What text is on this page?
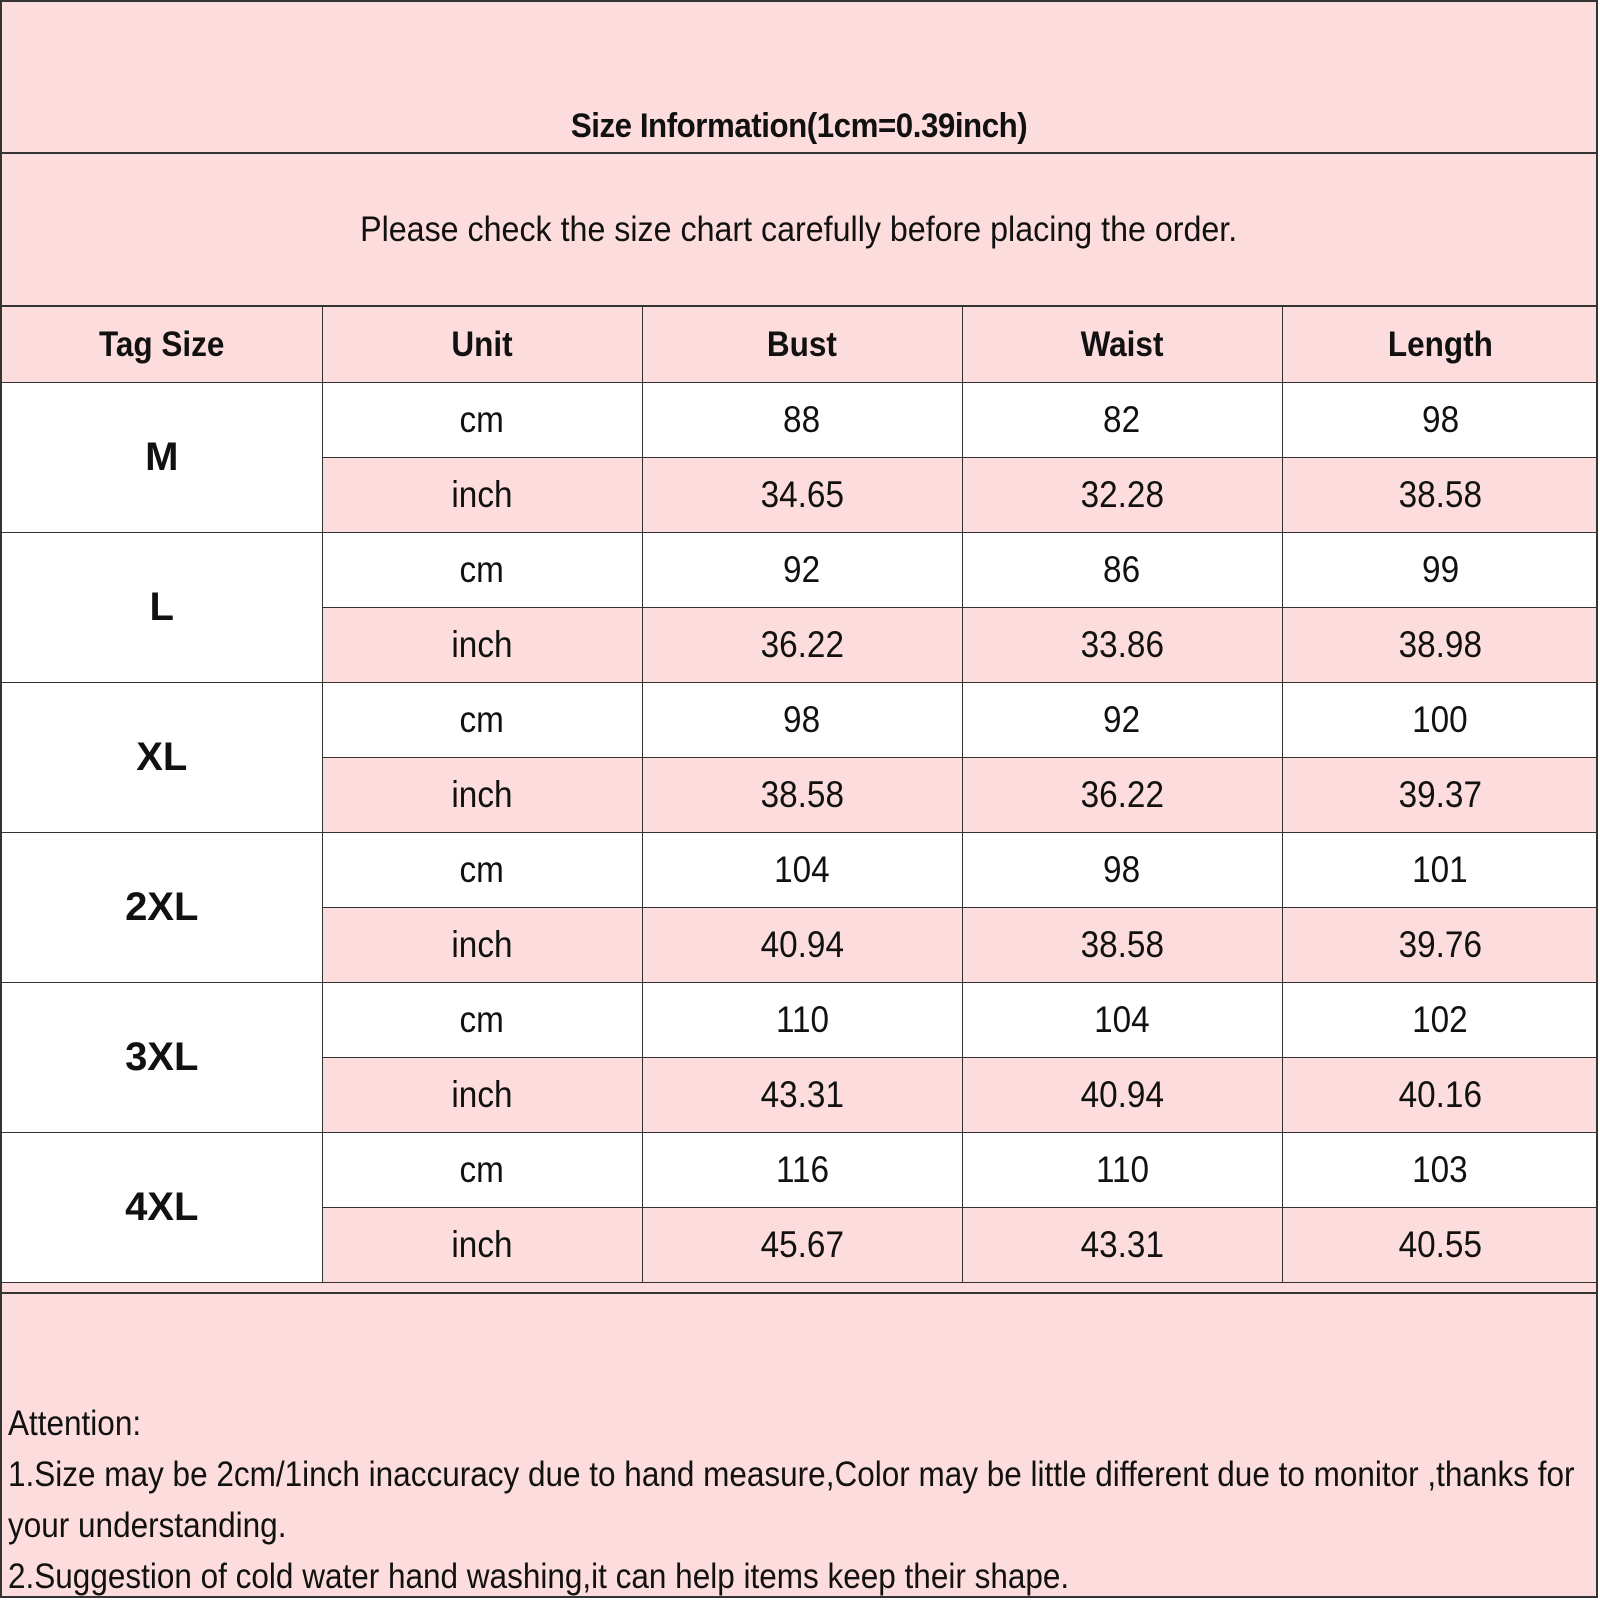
Size Information(1cm=0.39inch)
Please check the size chart carefully before placing the order.
Tag Size	Unit	Bust	Waist	Length
M	cm	88	82	98
	inch	34.65	32.28	38.58
L	cm	92	86	99
	inch	36.22	33.86	38.98
XL	cm	98	92	100
	inch	38.58	36.22	39.37
2XL	cm	104	98	101
	inch	40.94	38.58	39.76
3XL	cm	110	104	102
	inch	43.31	40.94	40.16
4XL	cm	116	110	103
	inch	45.67	43.31	40.55

Attention:

1.Size may be 2cm/1inch inaccuracy due to hand measure,Color may be little different due to monitor ,thanks for your understanding.

2.Suggestion of cold water hand washing,it can help items keep their shape.
